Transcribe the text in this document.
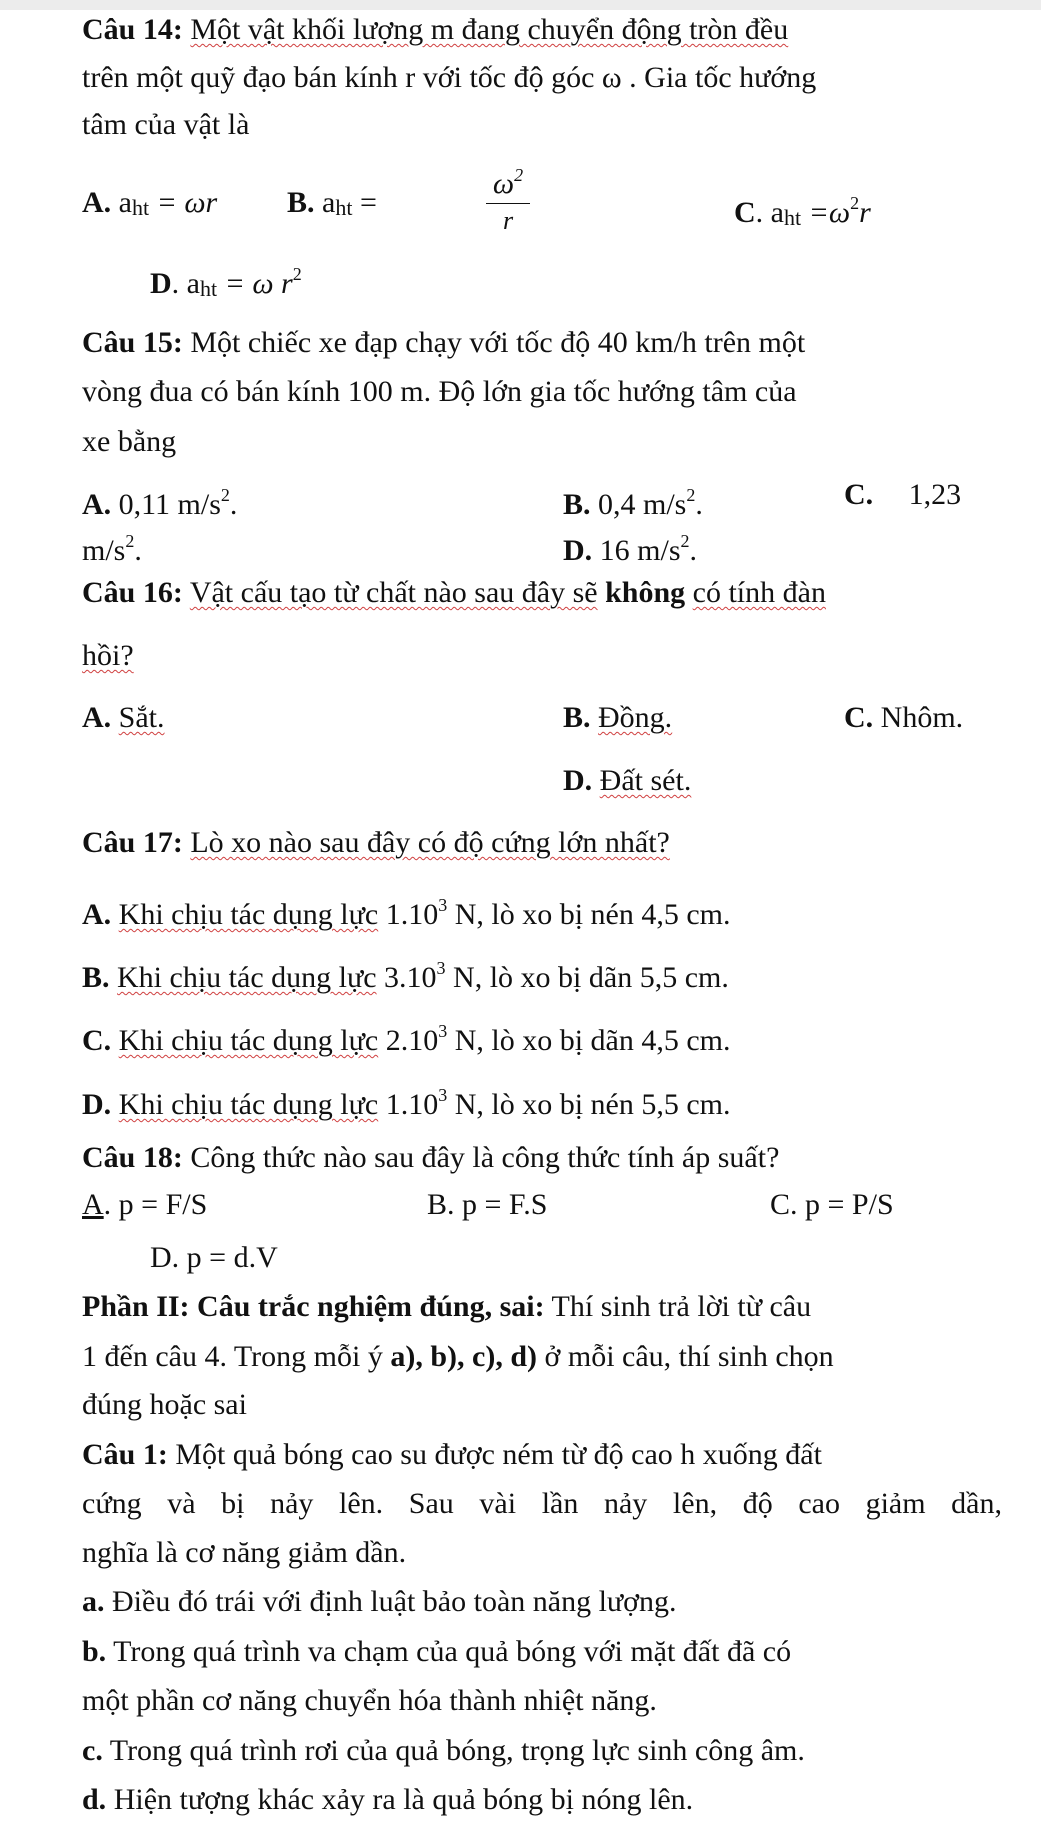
Câu 14: Một vật khối lượng m đang chuyển động tròn đều
trên một quỹ đạo bán kính r với tốc độ góc ω . Gia tốc hướng
tâm của vật là
A. aht = ωr B. aht =
$\omega^2$
r	C. aht $=\omega^2r$
D. aht = ω $r^2$
Câu 15: Một chiếc xe đạp chạy với tốc độ 40 km/h trên một
vòng đua có bán kính 100 m. Độ lớn gia tốc hướng tâm của
xe bằng
A. 0,11 $m/s^2$.	B. 0,4 $m/s^2$.	C. 1,23
$m/s^2$.	D. 16 $m/s^2$.
Câu 16: Vật cấu tạo từ chất nào sau đây sẽ không có tính đàn
hồi?
A. Sắt.	B. Đồng.	C. Nhôm.
D. Đất sét.
Câu 17: Lò xo nào sau đây có độ cứng lớn nhất?
A. Khi chịu tác dụng lực 1.10$^3$ N, lò xo bị nén 4,5 cm.
B. Khi chịu tác dụng lực 3.10$^3$ N, lò xo bị dãn 5,5 cm.
C. Khi chịu tác dụng lực 2.10$^3$ N, lò xo bị dãn 4,5 cm.
D. Khi chịu tác dụng lực 1.10$^3$ N, lò xo bị nén 5,5 cm.
Câu 18: Công thức nào sau đây là công thức tính áp suất?
A. p = F/S	B. p = F.S	C. p = P/S
D. p = d.V
Phần II: Câu trắc nghiệm đúng, sai: Thí sinh trả lời từ câu
1 đến câu 4. Trong mỗi ý a), b), c), d) ở mỗi câu, thí sinh chọn
đúng hoặc sai
Câu 1: Một quả bóng cao su được ném từ độ cao h xuống đất
cứng và bị nảy lên. Sau vài lần nảy lên, độ cao giảm dần,
nghĩa là cơ năng giảm dần.
a. Điều đó trái với định luật bảo toàn năng lượng.
b. Trong quá trình va chạm của quả bóng với mặt đất đã có
một phần cơ năng chuyển hóa thành nhiệt năng.
c. Trong quá trình rơi của quả bóng, trọng lực sinh công âm.
d. Hiện tượng khác xảy ra là quả bóng bị nóng lên.
